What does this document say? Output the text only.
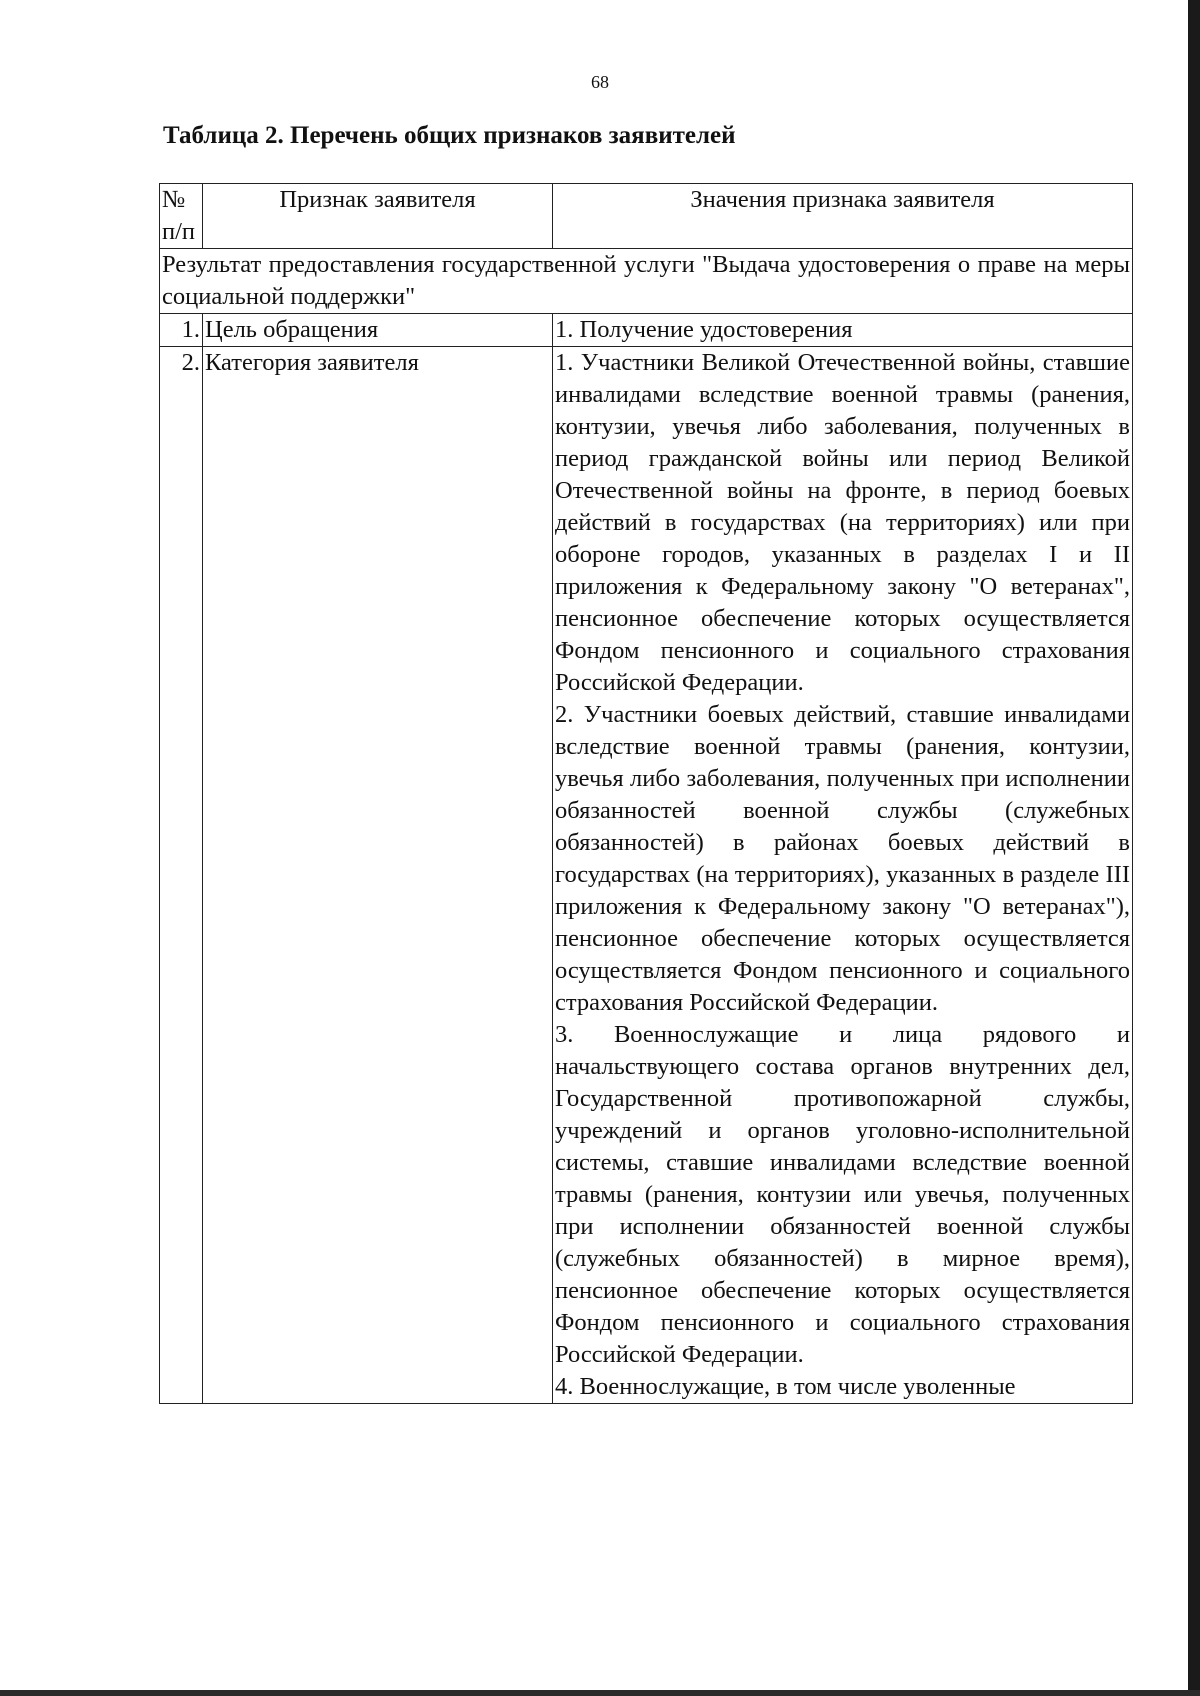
68
Таблица 2. Перечень общих признаков заявителей
№ п/п	Признак заявителя	Значения признака заявителя
Результат предоставления государственной услуги "Выдача удостоверения о праве на меры социальной поддержки"		
1.	Цель обращения	1. Получение удостоверения

2.	Категория заявителя	1. Участники Великой Отечественной войны, ставшие инвалидами вследствие военной травмы (ранения, контузии, увечья либо заболевания, полученных в период гражданской войны или период Великой Отечественной войны на фронте, в период боевых действий в государствах (на территориях) или при обороне городов, указанных в разделах I и II приложения к Федеральному закону "О ветеранах", пенсионное обеспечение которых осуществляется Фондом пенсионного и социального страхования Российской Федерации.

2. Участники боевых действий, ставшие инвалидами вследствие военной травмы (ранения, контузии, увечья либо заболевания, полученных при исполнении обязанностей военной службы (служебных обязанностей) в районах боевых действий в государствах (на территориях), указанных в разделе III приложения к Федеральному закону "О ветеранах"), пенсионное обеспечение которых осуществляется осуществляется Фондом пенсионного и социального страхования Российской Федерации.

3. Военнослужащие и лица рядового и начальствующего состава органов внутренних дел, Государственной противопожарной службы, учреждений и органов уголовно-исполнительной системы, ставшие инвалидами вследствие военной травмы (ранения, контузии или увечья, полученных при исполнении обязанностей военной службы (служебных обязанностей) в мирное время), пенсионное обеспечение которых осуществляется Фондом пенсионного и социального страхования Российской Федерации.

4. Военнослужащие, в том числе уволенные
